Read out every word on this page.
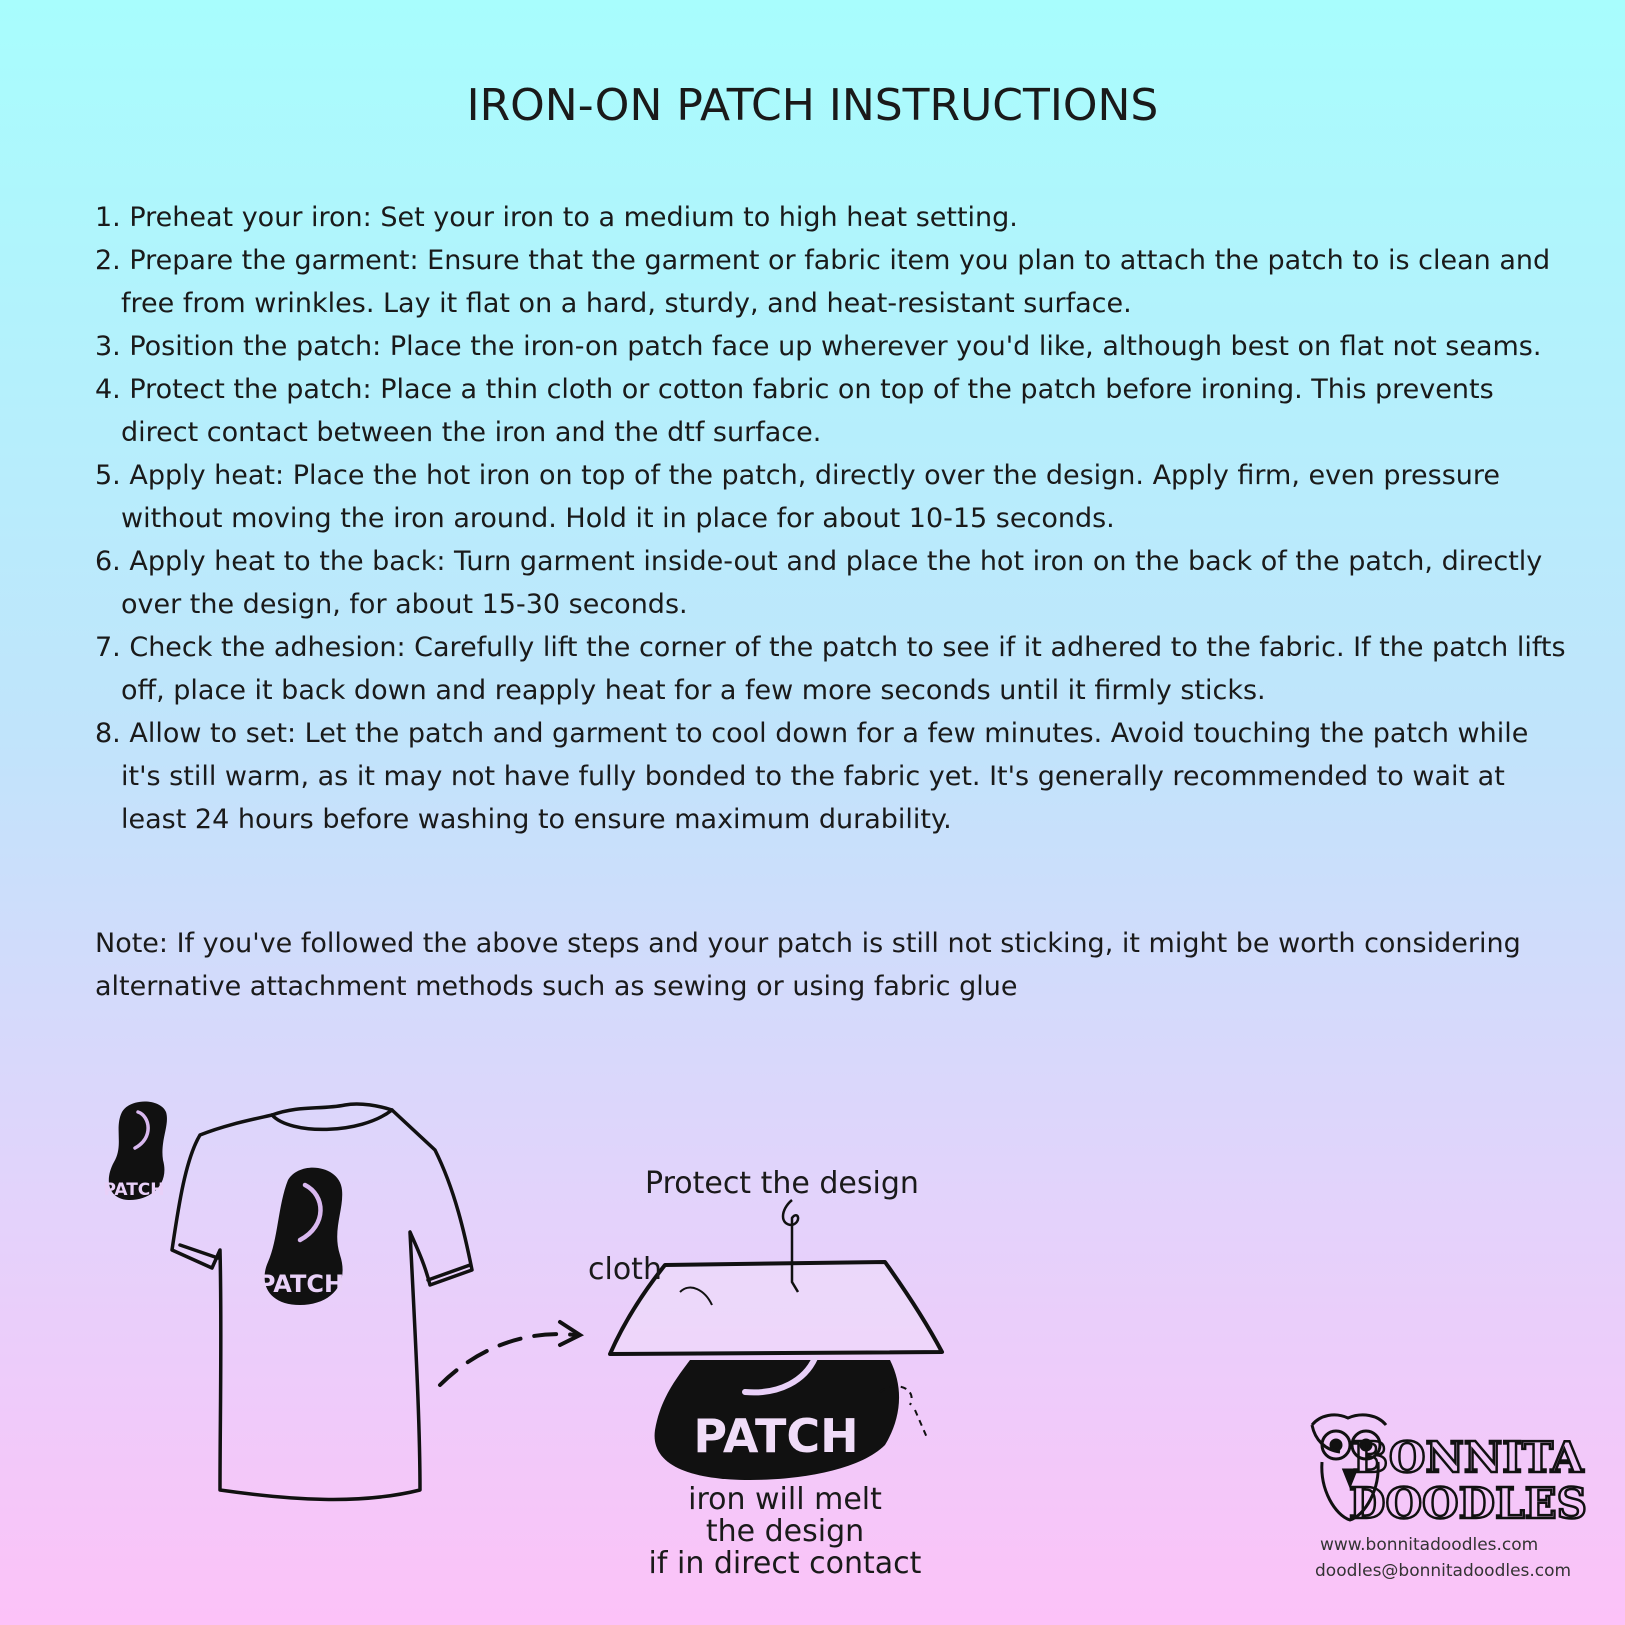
IRON-ON PATCH INSTRUCTIONS
1. Preheat your iron: Set your iron to a medium to high heat setting.
2. Prepare the garment: Ensure that the garment or fabric item you plan to attach the patch to is clean and free from wrinkles. Lay it flat on a hard, sturdy, and heat-resistant surface.
3. Position the patch: Place the iron-on patch face up wherever you'd like, although best on flat not seams.
4. Protect the patch: Place a thin cloth or cotton fabric on top of the patch before ironing. This prevents direct contact between the iron and the dtf surface.
5. Apply heat: Place the hot iron on top of the patch, directly over the design. Apply firm, even pressure without moving the iron around. Hold it in place for about 10-15 seconds.
6. Apply heat to the back: Turn garment inside-out and place the hot iron on the back of the patch, directly over the design, for about 15-30 seconds.
7. Check the adhesion: Carefully lift the corner of the patch to see if it adhered to the fabric. If the patch lifts off, place it back down and reapply heat for a few more seconds until it firmly sticks.
8. Allow to set: Let the patch and garment to cool down for a few minutes. Avoid touching the patch while it's still warm, as it may not have fully bonded to the fabric yet. It's generally recommended to wait at least 24 hours before washing to ensure maximum durability.

Note: If you've followed the above steps and your patch is still not sticking, it might be worth considering alternative attachment methods such as sewing or using fabric glue

PATCH
PATCH
PATCH	BONNITA
DOODLES
Protect the design
cloth
iron will melt
the design
if in direct contact
www.bonnitadoodles.com
doodles@bonnitadoodles.com
